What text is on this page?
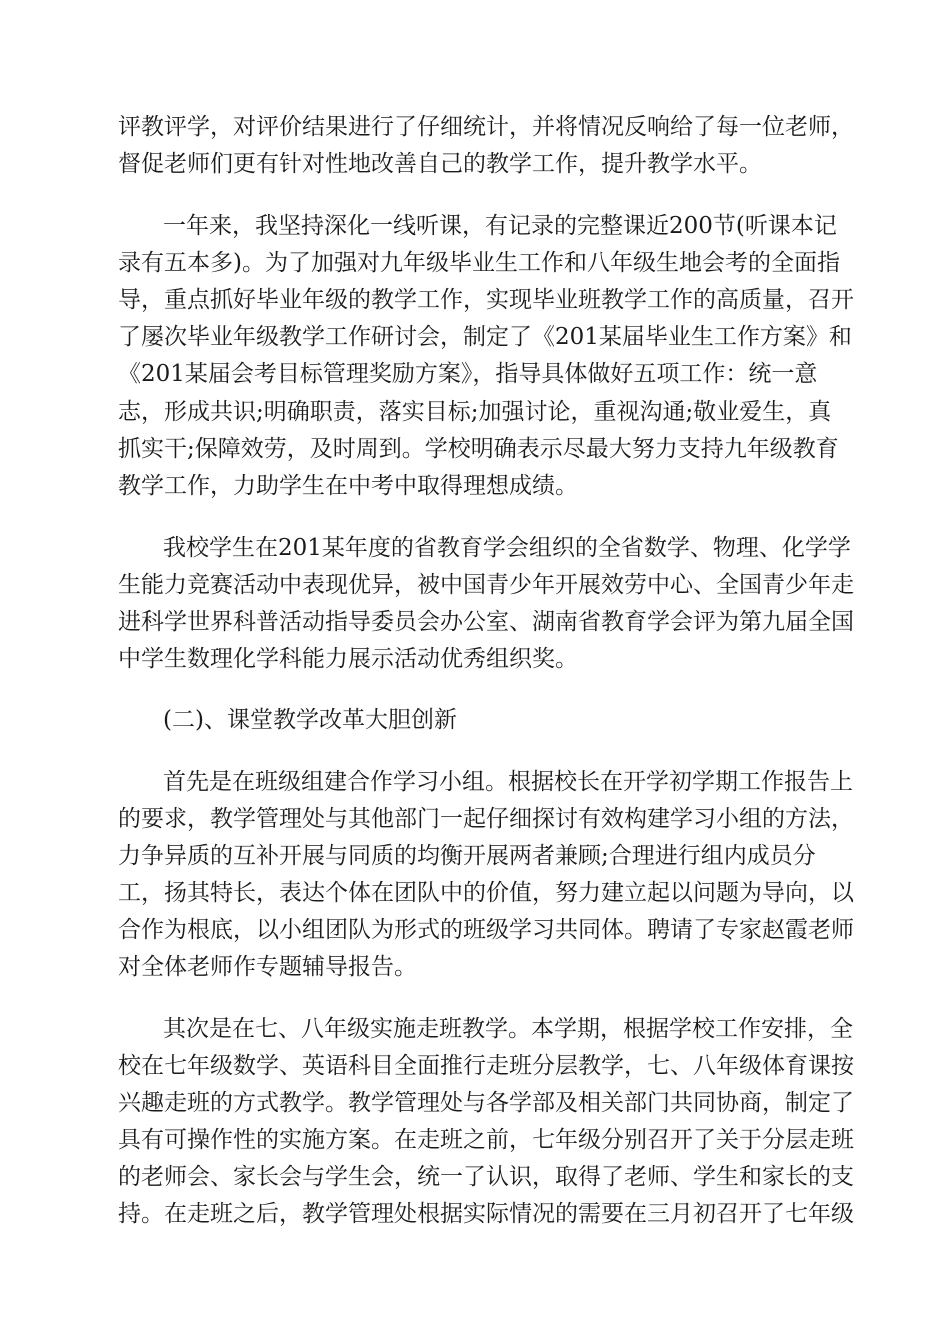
评教评学，对评价结果进行了仔细统计，并将情况反响给了每一位老师，

督促老师们更有针对性地改善自己的教学工作，提升教学水平。

一年来，我坚持深化一线听课，有记录的完整课近200节(听课本记

录有五本多)。为了加强对九年级毕业生工作和八年级生地会考的全面指

导，重点抓好毕业年级的教学工作，实现毕业班教学工作的高质量，召开

了屡次毕业年级教学工作研讨会，制定了《201某届毕业生工作方案》和

《201某届会考目标管理奖励方案》，指导具体做好五项工作：统一意

志，形成共识;明确职责，落实目标;加强讨论，重视沟通;敬业爱生，真

抓实干;保障效劳，及时周到。学校明确表示尽最大努力支持九年级教育

教学工作，力助学生在中考中取得理想成绩。

我校学生在201某年度的省教育学会组织的全省数学、物理、化学学

生能力竞赛活动中表现优异，被中国青少年开展效劳中心、全国青少年走

进科学世界科普活动指导委员会办公室、湖南省教育学会评为第九届全国

中学生数理化学科能力展示活动优秀组织奖。

(二)、课堂教学改革大胆创新

首先是在班级组建合作学习小组。根据校长在开学初学期工作报告上

的要求，教学管理处与其他部门一起仔细探讨有效构建学习小组的方法，

力争异质的互补开展与同质的均衡开展两者兼顾;合理进行组内成员分

工，扬其特长，表达个体在团队中的价值，努力建立起以问题为导向，以

合作为根底，以小组团队为形式的班级学习共同体。聘请了专家赵霞老师

对全体老师作专题辅导报告。

其次是在七、八年级实施走班教学。本学期，根据学校工作安排，全

校在七年级数学、英语科目全面推行走班分层教学，七、八年级体育课按

兴趣走班的方式教学。教学管理处与各学部及相关部门共同协商，制定了

具有可操作性的实施方案。在走班之前，七年级分别召开了关于分层走班

的老师会、家长会与学生会，统一了认识，取得了老师、学生和家长的支

持。在走班之后，教学管理处根据实际情况的需要在三月初召开了七年级
